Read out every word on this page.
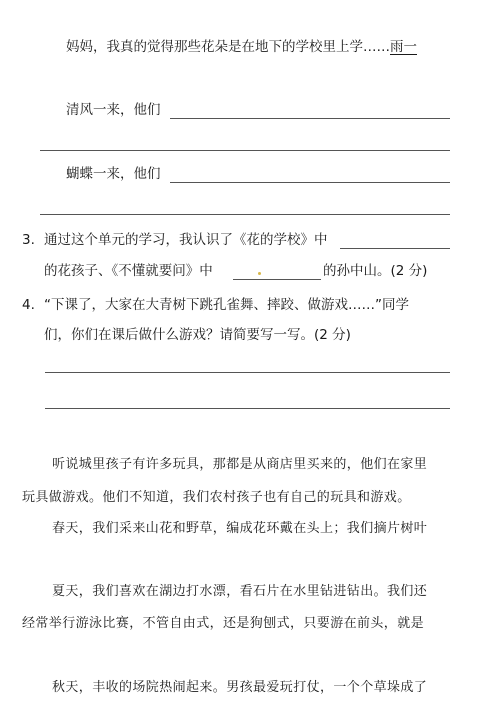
妈妈，我真的觉得那些花朵是在地下的学校里上学……雨一
清风一来，他们
蝴蝶一来，他们
3. 通过这个单元的学习，我认识了《花的学校》中
的花孩子、《不懂就要问》中	的孙中山。(2 分)
4. “下课了，大家在大青树下跳孔雀舞、摔跤、做游戏……”同学
们，你们在课后做什么游戏？请简要写一写。(2 分)
听说城里孩子有许多玩具，那都是从商店里买来的，他们在家里
玩具做游戏。他们不知道，我们农村孩子也有自己的玩具和游戏。
春天，我们采来山花和野草，编成花环戴在头上；我们摘片树叶
夏天，我们喜欢在湖边打水漂，看石片在水里钻进钻出。我们还
经常举行游泳比赛，不管自由式，还是狗刨式，只要游在前头，就是
秋天，丰收的场院热闹起来。男孩最爱玩打仗，一个个草垛成了
